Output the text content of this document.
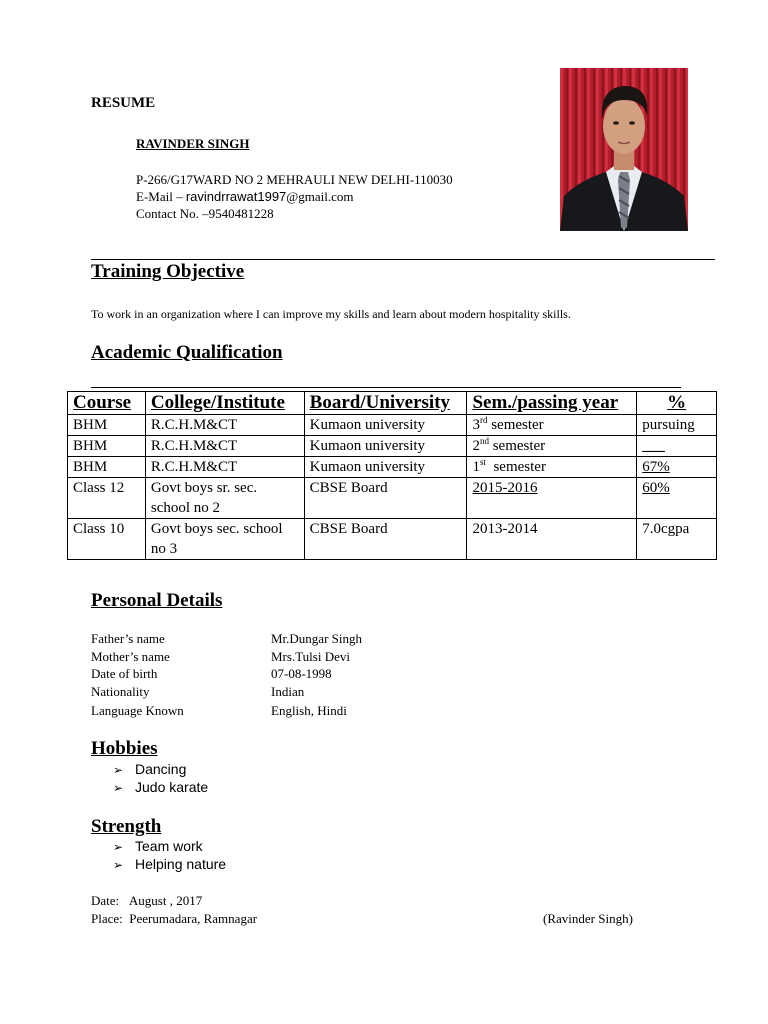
RESUME
RAVINDER SINGH
P-266/G17WARD NO 2 MEHRAULI NEW DELHI-110030
E-Mail – ravindrrawat1997@gmail.com
Contact No. –9540481228
Training Objective
To work in an organization where I can improve my skills and learn about modern hospitality skills.
Academic Qualification
Course	College/Institute	Board/University	Sem./passing year	%
BHM	R.C.H.M&CT	Kumaon university	3rd semester	pursuing
BHM	R.C.H.M&CT	Kumaon university	2nd semester	___
BHM	R.C.H.M&CT	Kumaon university	1st  semester	67%
Class 12	Govt boys sr. sec. school no 2	CBSE Board	2015-2016	60%
Class 10	Govt boys sec. school no 3	CBSE Board	2013-2014	7.0cgpa
Personal Details
Father’s name	Mr.Dungar Singh
Mother’s name	Mrs.Tulsi Devi
Date of birth	07-08-1998
Nationality	Indian
Language Known	English, Hindi
Hobbies
➢ Dancing
➢ Judo karate
Strength
➢ Team work
➢ Helping nature
Date: August , 2017
Place: Peerumadara, Ramnagar	(Ravinder Singh)
